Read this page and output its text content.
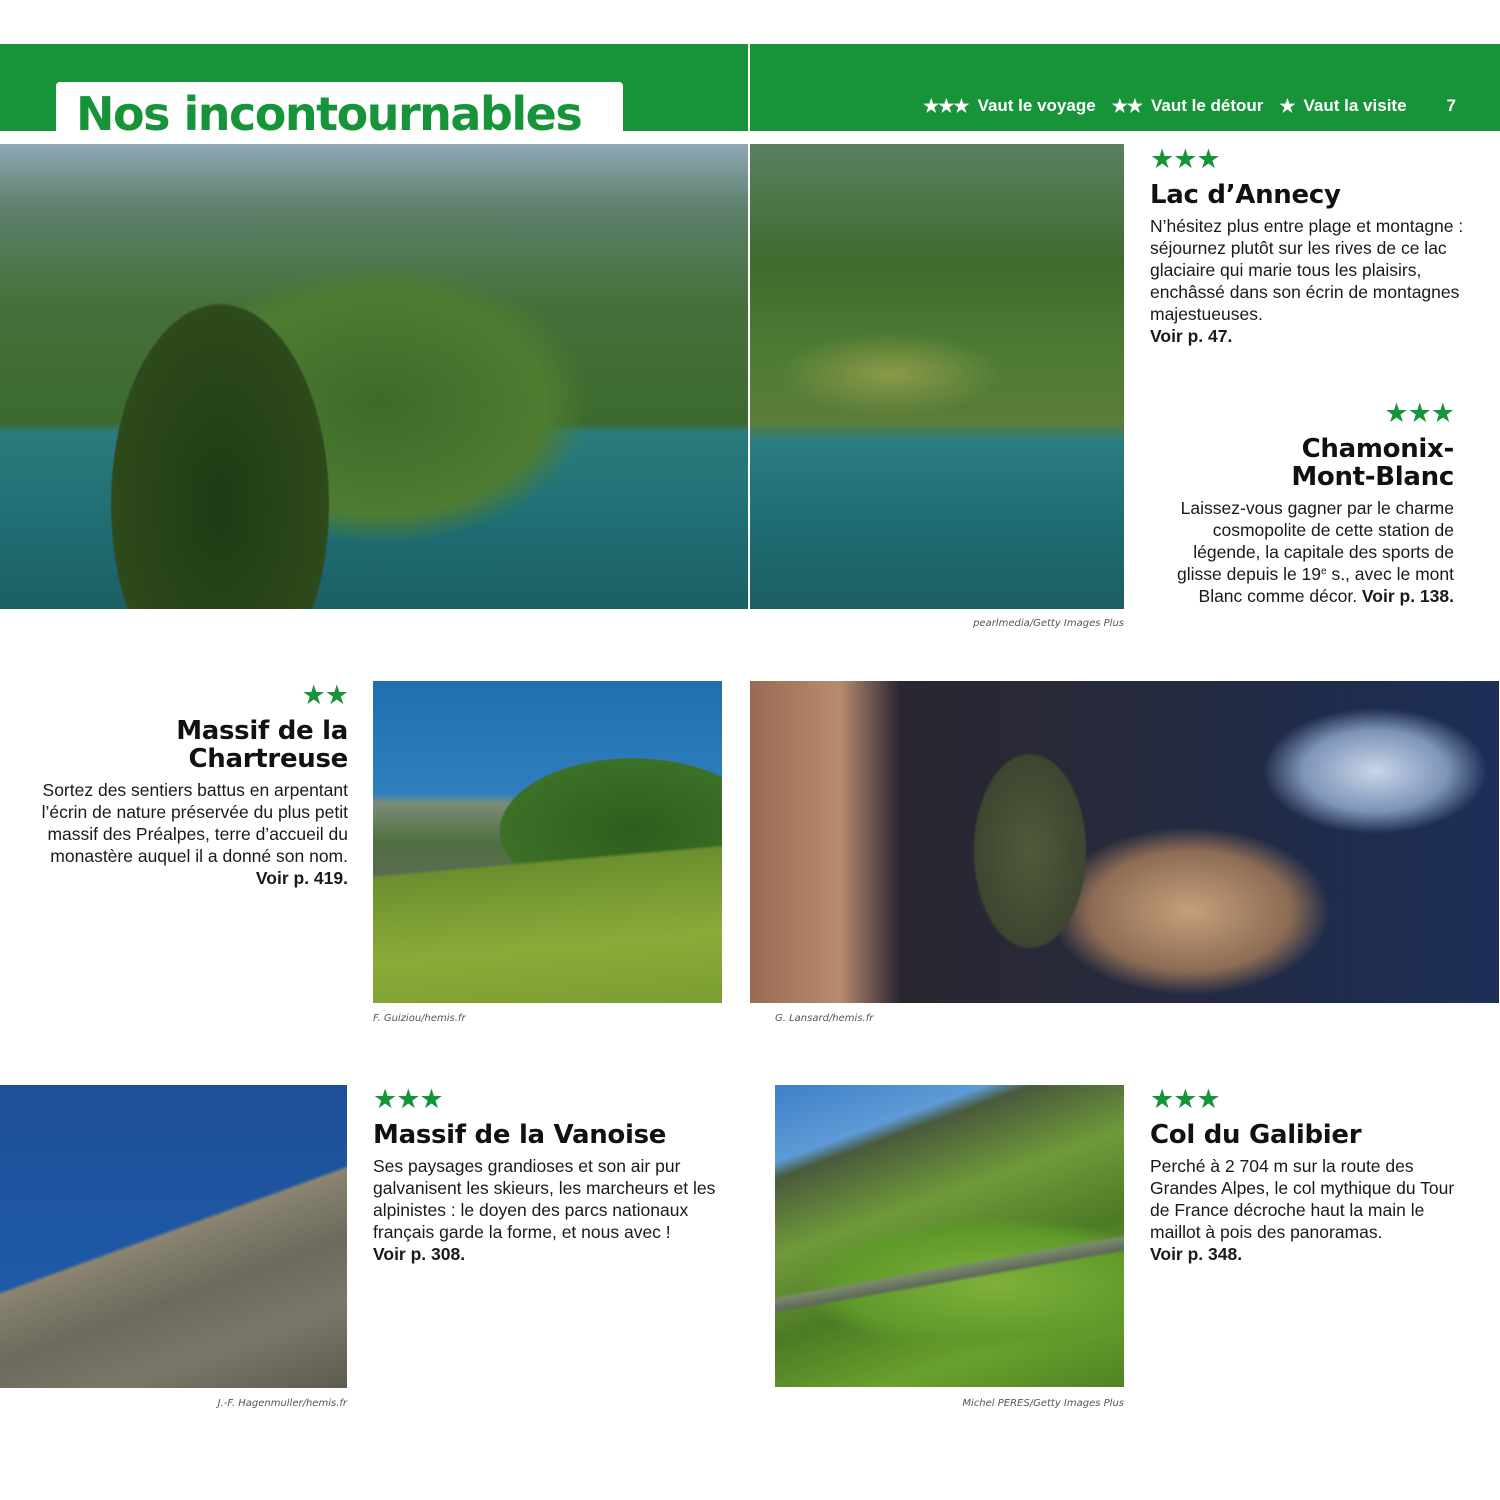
Nos incontournables	★★★ Vaut le voyage ★★ Vaut le détour ★ Vaut la visite 7
★★★
Lac d’Annecy

N’hésitez plus entre plage et montagne : séjournez plutôt sur les rives de ce lac glaciaire qui marie tous les plaisirs, enchâssé dans son écrin de montagnes majestueuses.
Voir p. 47.

★★★
Chamonix-
Mont-Blanc

Laissez-vous gagner par le charme cosmopolite de cette station de légende, la capitale des sports de glisse depuis le 19e s., avec le mont Blanc comme décor. Voir p. 138.

★★
Massif de la
Chartreuse

Sortez des sentiers battus en arpentant l’écrin de nature préservée du plus petit massif des Préalpes, terre d’accueil du monastère auquel il a donné son nom. Voir p. 419.

★★★
Massif de la Vanoise

Ses paysages grandioses et son air pur galvanisent les skieurs, les marcheurs et les alpinistes : le doyen des parcs nationaux français garde la forme, et nous avec !
Voir p. 308.

★★★
Col du Galibier

Perché à 2 704 m sur la route des Grandes Alpes, le col mythique du Tour de France décroche haut la main le maillot à pois des panoramas.
Voir p. 348.

pearlmedia/Getty Images Plus
F. Guiziou/hemis.fr	G. Lansard/hemis.fr
J.-F. Hagenmuller/hemis.fr	Michel PERES/Getty Images Plus
